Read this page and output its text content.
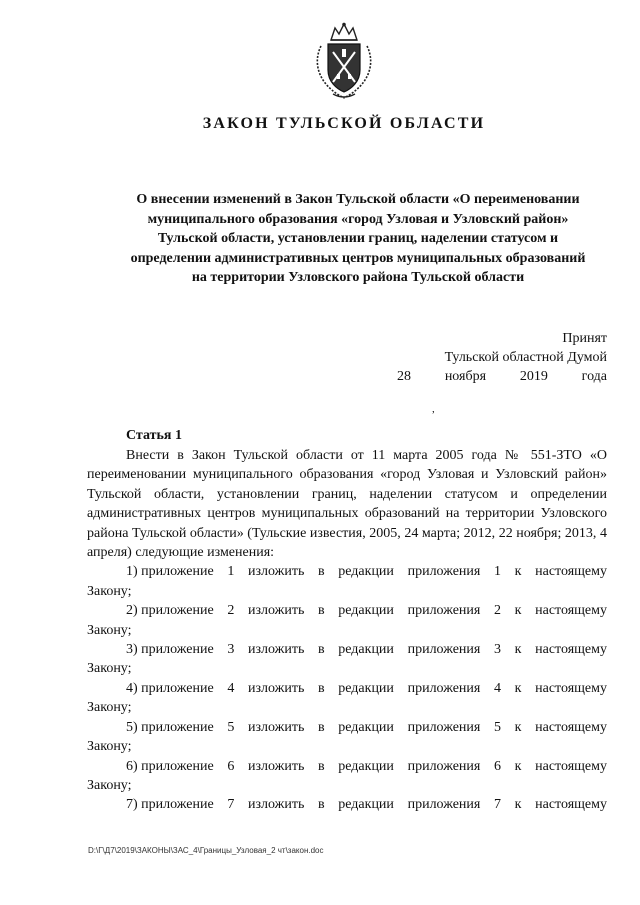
ЗАКОН ТУЛЬСКОЙ ОБЛАСТИ
О внесении изменений в Закон Тульской области «О переименовании
муниципального образования «город Узловая и Узловский район»
Тульской области, установлении границ, наделении статусом и
определении административных центров муниципальных образований
на территории Узловского района Тульской области
Принят
Тульской областной Думой
28 ноября 2019 года
,
Статья 1

Внести в Закон Тульской области от 11 марта 2005 года № 551-ЗТО «О переименовании муниципального образования «город Узловая и Узловский район» Тульской области, установлении границ, наделении статусом и определении административных центров муниципальных образований на территории Узловского района Тульской области» (Тульские известия, 2005, 24 марта; 2012, 22 ноября; 2013, 4 апреля) следующие изменения:

1)
приложение 1 изложить в редакции приложения 1 к настоящему
Закону;
2)
приложение 2 изложить в редакции приложения 2 к настоящему
Закону;
3)
приложение 3 изложить в редакции приложения 3 к настоящему
Закону;
4)
приложение 4 изложить в редакции приложения 4 к настоящему
Закону;
5)
приложение 5 изложить в редакции приложения 5 к настоящему
Закону;
6)
приложение 6 изложить в редакции приложения 6 к настоящему
Закону;
7)
приложение 7 изложить в редакции приложения 7 к настоящему
D:\Г\Д7\2019\ЗАКОНЫ\ЗАС_4\Границы_Узловая_2 чт\закон.doc
